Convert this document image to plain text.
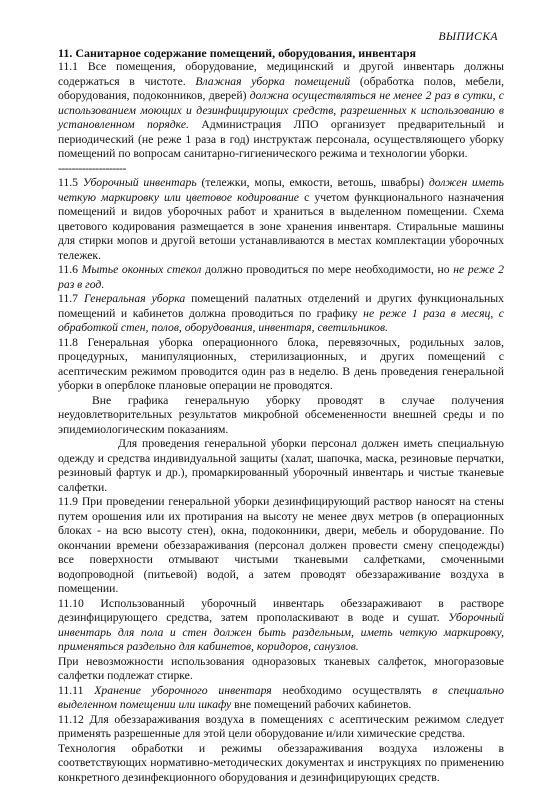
ВЫПИСКА
11. Санитарное содержание помещений, оборудования, инвентаря

11.1 Все помещения, оборудование, медицинский и другой инвентарь должны содержаться в чистоте. Влажная уборка помещений (обработка полов, мебели, оборудования, подоконников, дверей) должна осуществляться не менее 2 раз в сутки, с использованием моющих и дезинфицирующих средств, разрешенных к использованию в установленном порядке. Администрация ЛПО организует предварительный и периодический (не реже 1 раза в год) инструктаж персонала, осуществляющего уборку помещений по вопросам санитарно-гигиенического режима и технологии уборки.

--------------------

11.5 Уборочный инвентарь (тележки, мопы, емкости, ветошь, швабры) должен иметь четкую маркировку или цветовое кодирование с учетом функционального назначения помещений и видов уборочных работ и храниться в выделенном помещении. Схема цветового кодирования размещается в зоне хранения инвентаря. Стиральные машины для стирки мопов и другой ветоши устанавливаются в местах комплектации уборочных тележек.

11.6 Мытье оконных стекол должно проводиться по мере необходимости, но не реже 2 раз в год.

11.7 Генеральная уборка помещений палатных отделений и других функциональных помещений и кабинетов должна проводиться по графику не реже 1 раза в месяц, с обработкой стен, полов, оборудования, инвентаря, светильников.

11.8 Генеральная уборка операционного блока, перевязочных, родильных залов, процедурных, манипуляционных, стерилизационных, и других помещений с асептическим режимом проводится один раз в неделю. В день проведения генеральной уборки в оперблоке плановые операции не проводятся.

Вне графика генеральную уборку проводят в случае получения неудовлетворительных результатов микробной обсемененности внешней среды и по эпидемиологическим показаниям.

Для проведения генеральной уборки персонал должен иметь специальную одежду и средства индивидуальной защиты (халат, шапочка, маска, резиновые перчатки, резиновый фартук и др.), промаркированный уборочный инвентарь и чистые тканевые салфетки.

11.9 При проведении генеральной уборки дезинфицирующий раствор наносят на стены путем орошения или их протирания на высоту не менее двух метров (в операционных блоках - на всю высоту стен), окна, подоконники, двери, мебель и оборудование. По окончании времени обеззараживания (персонал должен провести смену спецодежды) все поверхности отмывают чистыми тканевыми салфетками, смоченными водопроводной (питьевой) водой, а затем проводят обеззараживание воздуха в помещении.

11.10 Использованный уборочный инвентарь обеззараживают в растворе дезинфицирующего средства, затем прополаскивают в воде и сушат. Уборочный инвентарь для пола и стен должен быть раздельным, иметь четкую маркировку, применяться раздельно для кабинетов, коридоров, санузлов.

При невозможности использования одноразовых тканевых салфеток, многоразовые салфетки подлежат стирке.

11.11 Хранение уборочного инвентаря необходимо осуществлять в специально выделенном помещении или шкафу вне помещений рабочих кабинетов.

11.12 Для обеззараживания воздуха в помещениях с асептическим режимом следует применять разрешенные для этой цели оборудование и/или химические средства.

Технология обработки и режимы обеззараживания воздуха изложены в соответствующих нормативно-методических документах и инструкциях по применению конкретного дезинфекционного оборудования и дезинфицирующих средств.
